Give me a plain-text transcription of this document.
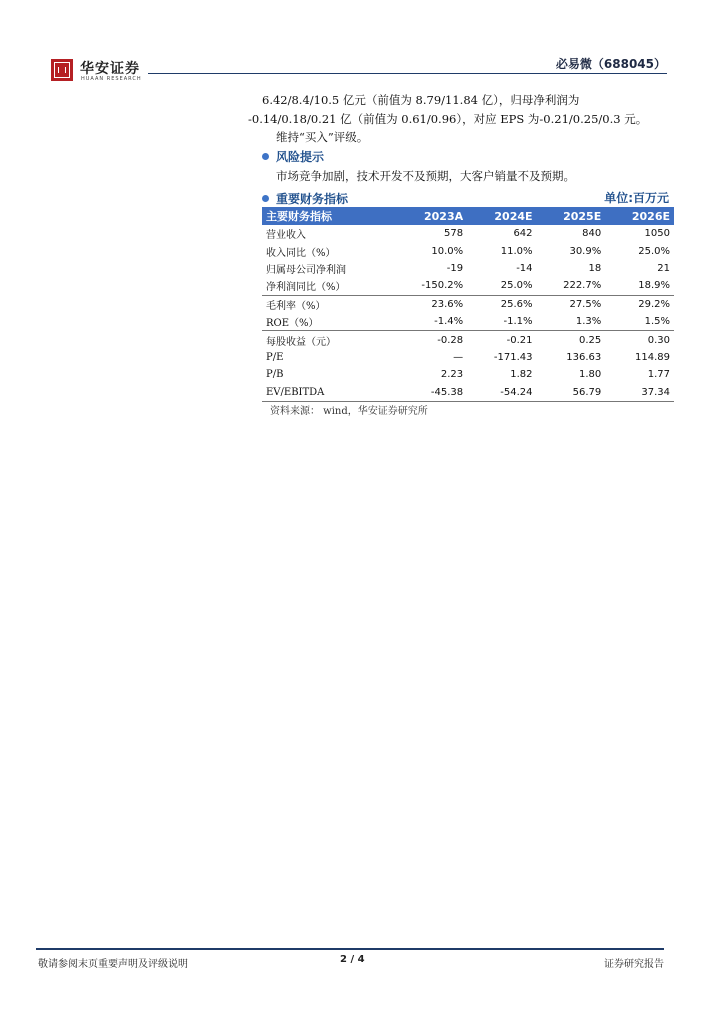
华安证券
HUAAN RESEARCH
必易微（688045）
6.42/8.4/10.5 亿元（前值为 8.79/11.84 亿），归母净利润为
-0.14/0.18/0.21 亿（前值为 0.61/0.96），对应 EPS 为-0.21/0.25/0.3 元。
维持“买入”评级。
风险提示
市场竞争加剧，技术开发不及预期，大客户销量不及预期。
重要财务指标	单位:百万元
主要财务指标	2023A	2024E	2025E	2026E
营业收入	578	642	840	1050
收入同比（%）	10.0%	11.0%	30.9%	25.0%
归属母公司净利润	-19	-14	18	21
净利润同比（%）	-150.2%	25.0%	222.7%	18.9%
毛利率（%）	23.6%	25.6%	27.5%	29.2%
ROE（%）	-1.4%	-1.1%	1.3%	1.5%
每股收益（元）	-0.28	-0.21	0.25	0.30
P/E	—	-171.43	136.63	114.89
P/B	2.23	1.82	1.80	1.77
EV/EBITDA	-45.38	-54.24	56.79	37.34
资料来源： wind，华安证券研究所
敬请参阅末页重要声明及评级说明	2 / 4	证券研究报告
